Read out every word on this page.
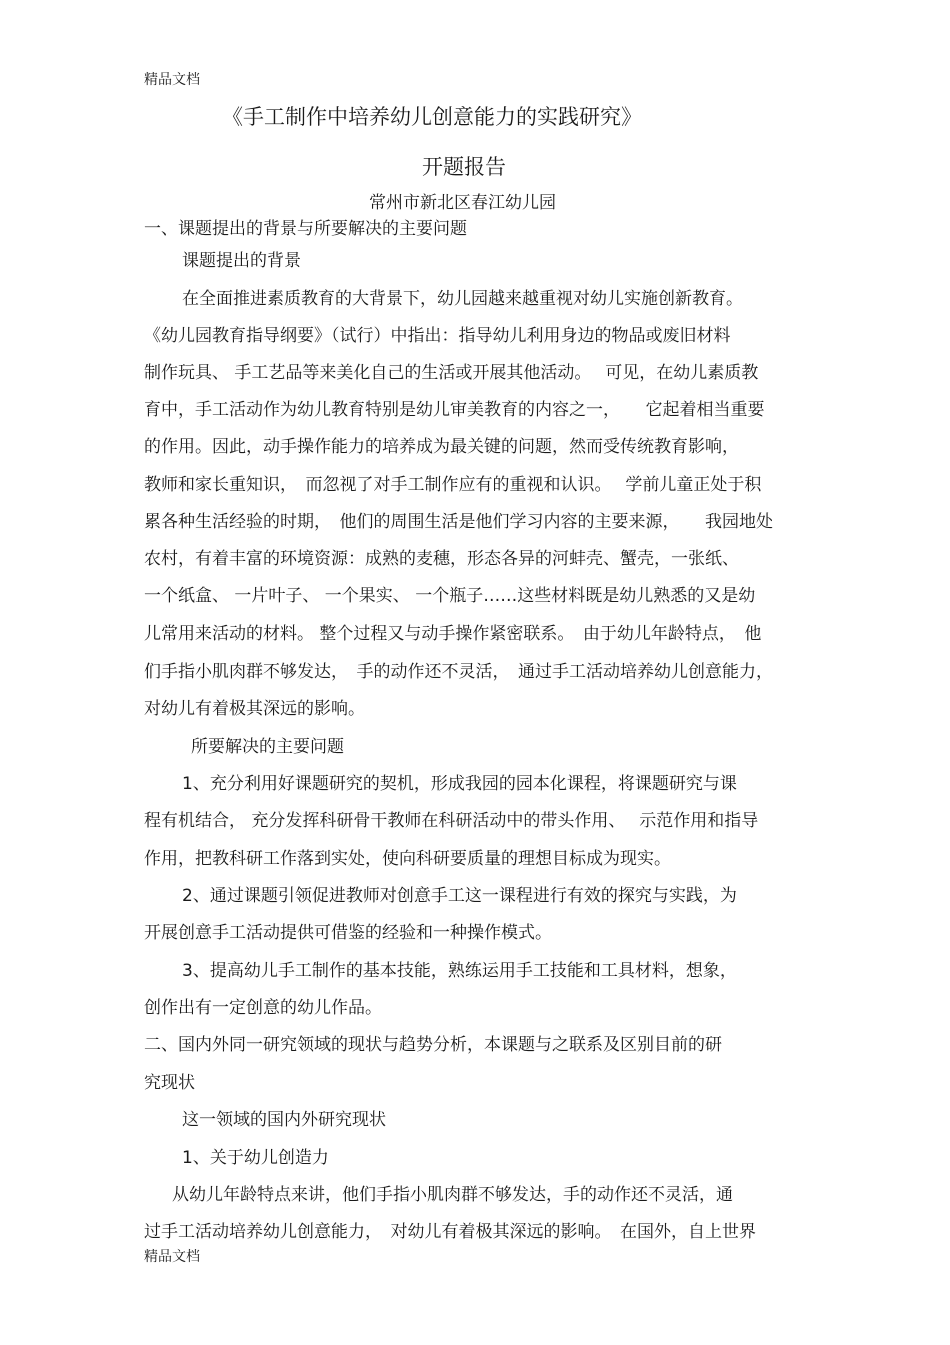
精品文档
《手工制作中培养幼儿创意能力的实践研究》
开题报告
常州市新北区春江幼儿园
一、课题提出的背景与所要解决的主要问题
课题提出的背景
在全面推进素质教育的大背景下，幼儿园越来越重视对幼儿实施创新教育。
《幼儿园教育指导纲要》（试行）中指出：指导幼儿利用身边的物品或废旧材料
制作玩具、 手工艺品等来美化自己的生活或开展其他活动。　 可见，在幼儿素质教
育中，手工活动作为幼儿教育特别是幼儿审美教育的内容之一，　　它起着相当重要
的作用。因此，动手操作能力的培养成为最关键的问题，然而受传统教育影响，
教师和家长重知识，　而忽视了对手工制作应有的重视和认识。　 学前儿童正处于积
累各种生活经验的时期，　他们的周围生活是他们学习内容的主要来源，　　我园地处
农村，有着丰富的环境资源：成熟的麦穗，形态各异的河蚌壳、蟹壳，一张纸、
一个纸盒、 一片叶子、 一个果实、 一个瓶子……这些材料既是幼儿熟悉的又是幼
儿常用来活动的材料。 整个过程又与动手操作紧密联系。　由于幼儿年龄特点，　他
们手指小肌肉群不够发达，　手的动作还不灵活，　通过手工活动培养幼儿创意能力，
对幼儿有着极其深远的影响。
所要解决的主要问题
1、充分利用好课题研究的契机，形成我园的园本化课程，将课题研究与课
程有机结合， 充分发挥科研骨干教师在科研活动中的带头作用、　 示范作用和指导
作用，把教科研工作落到实处，使向科研要质量的理想目标成为现实。
2、通过课题引领促进教师对创意手工这一课程进行有效的探究与实践，为
开展创意手工活动提供可借鉴的经验和一种操作模式。
3、提高幼儿手工制作的基本技能，熟练运用手工技能和工具材料，想象，
创作出有一定创意的幼儿作品。
二、国内外同一研究领域的现状与趋势分析，本课题与之联系及区别目前的研
究现状
这一领域的国内外研究现状
1、关于幼儿创造力
从幼儿年龄特点来讲，他们手指小肌肉群不够发达，手的动作还不灵活，通
过手工活动培养幼儿创意能力，　对幼儿有着极其深远的影响。　在国外，自上世界
精品文档
